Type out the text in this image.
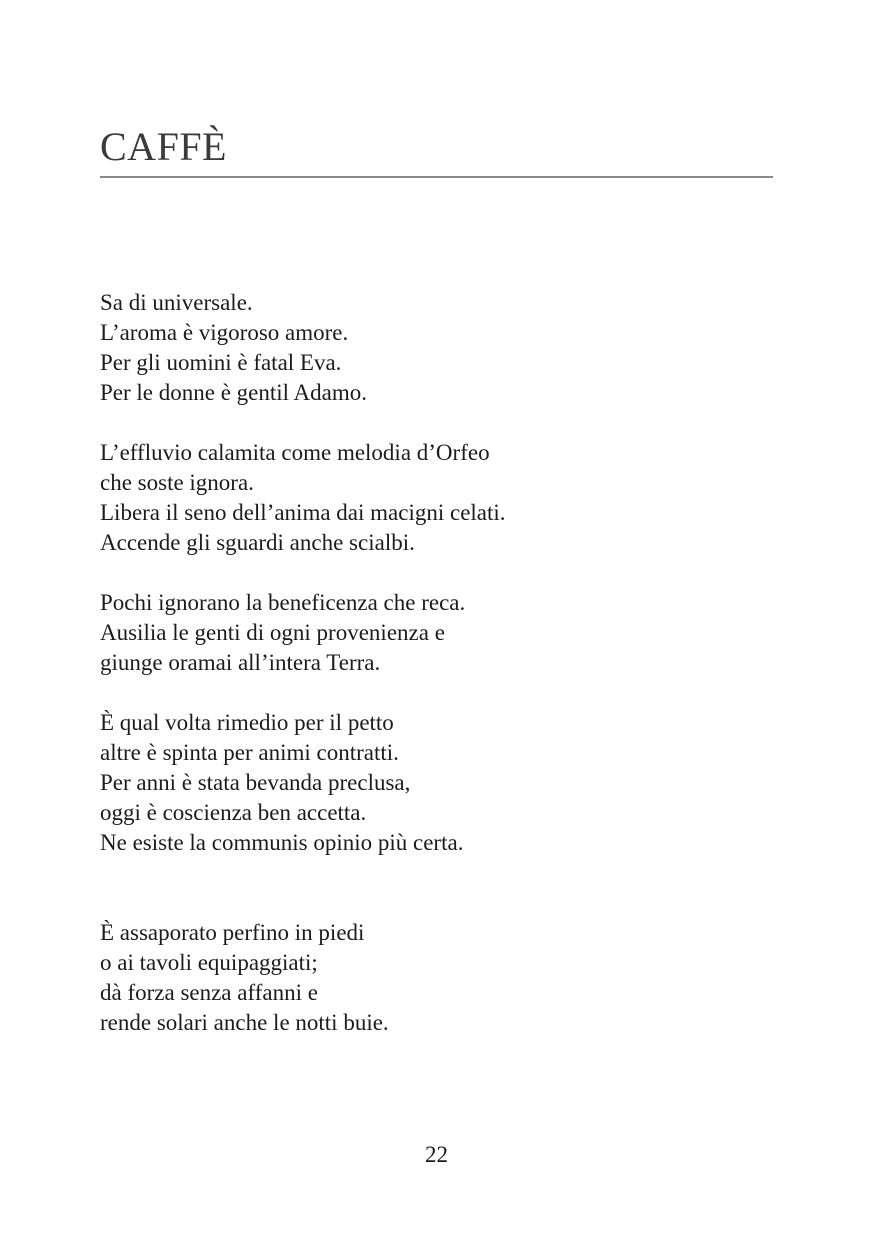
CAFFÈ
Sa di universale.
L’aroma è vigoroso amore.
Per gli uomini è fatal Eva.
Per le donne è gentil Adamo.
L’effluvio calamita come melodia d’Orfeo
che soste ignora.
Libera il seno dell’anima dai macigni celati.
Accende gli sguardi anche scialbi.
Pochi ignorano la beneficenza che reca.
Ausilia le genti di ogni provenienza e
giunge oramai all’intera Terra.
È qual volta rimedio per il petto
altre è spinta per animi contratti.
Per anni è stata bevanda preclusa,
oggi è coscienza ben accetta.
Ne esiste la communis opinio più certa.
È assaporato perfino in piedi
o ai tavoli equipaggiati;
dà forza senza affanni e
rende solari anche le notti buie.
22
